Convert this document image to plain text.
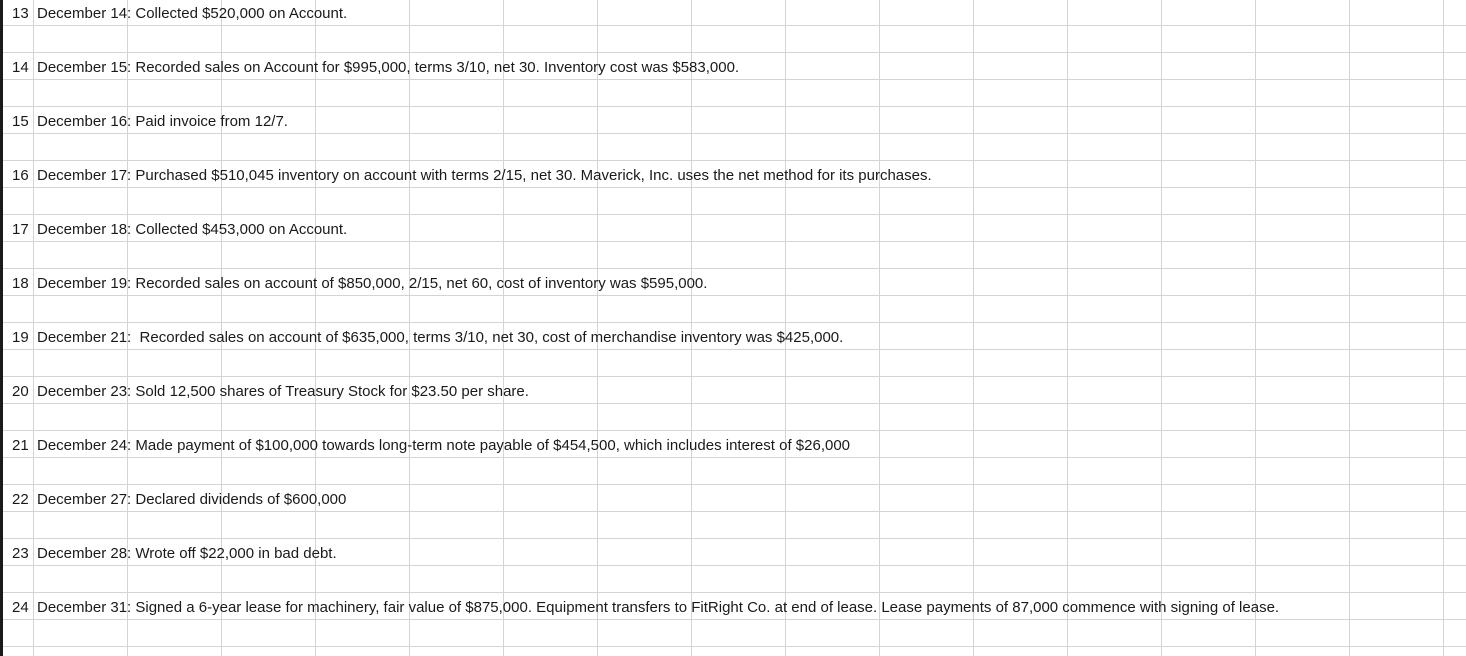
13 December 14: Collected $520,000 on Account.
14 December 15: Recorded sales on Account for $995,000, terms 3/10, net 30. Inventory cost was $583,000.
15 December 16: Paid invoice from 12/7.
16 December 17: Purchased $510,045 inventory on account with terms 2/15, net 30. Maverick, Inc. uses the net method for its purchases.
17 December 18: Collected $453,000 on Account.
18 December 19: Recorded sales on account of $850,000, 2/15, net 60, cost of inventory was $595,000.
19 December 21:  Recorded sales on account of $635,000, terms 3/10, net 30, cost of merchandise inventory was $425,000.
20 December 23: Sold 12,500 shares of Treasury Stock for $23.50 per share.
21 December 24: Made payment of $100,000 towards long-term note payable of $454,500, which includes interest of $26,000
22 December 27: Declared dividends of $600,000
23 December 28: Wrote off $22,000 in bad debt.
24 December 31: Signed a 6-year lease for machinery, fair value of $875,000. Equipment transfers to FitRight Co. at end of lease. Lease payments of 87,000 commence with signing of lease.
